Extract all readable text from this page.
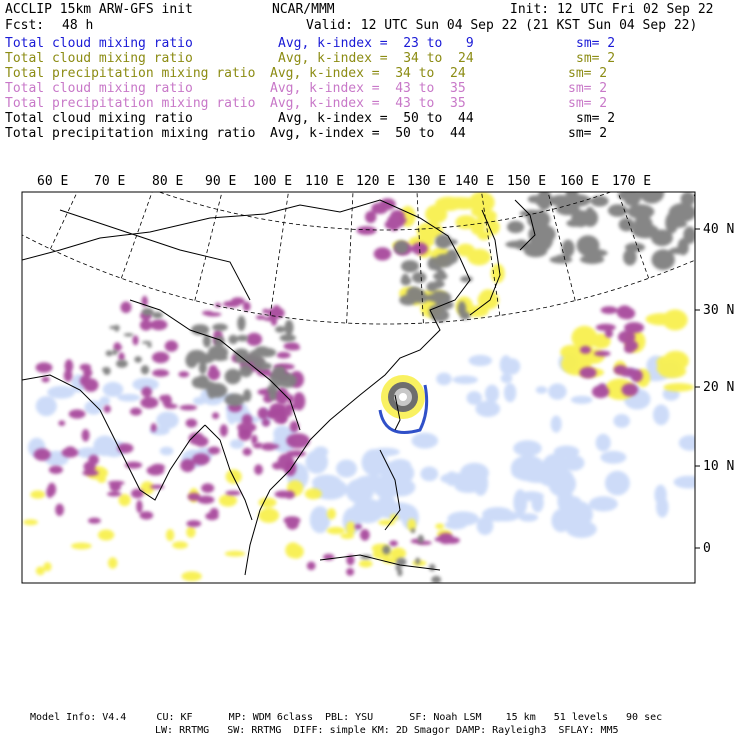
ACCLIP 15km ARW-GFS init	NCAR/MMM	Init: 12 UTC Fri 02 Sep 22
Fcst: 48 h	Valid: 12 UTC Sun 04 Sep 22 (21 KST Sun 04 Sep 22)
Total cloud mixing ratio	Avg, k-index =  23 to   9	sm= 2
Total cloud mixing ratio	Avg, k-index =  34 to  24	sm= 2
Total precipitation mixing ratio Avg, k-index =  34 to  24	sm= 2
Total cloud mixing ratio	Avg, k-index =  43 to  35	sm= 2
Total precipitation mixing ratio Avg, k-index =  43 to  35	sm= 2
Total cloud mixing ratio	Avg, k-index =  50 to  44	sm= 2
Total precipitation mixing ratio Avg, k-index =  50 to  44	sm= 2
60 E 70 E 80 E 90 E 100 E 110 E 120 E 130 E 140 E 150 E 160 E 170 E
40 N
30 N
20 N
10 N
0
Model Info: V4.4     CU: KF      MP: WDM 6class  PBL: YSU      SF: Noah LSM    15 km   51 levels   90 sec
LW: RRTMG   SW: RRTMG  DIFF: simple KM: 2D Smagor DAMP: Rayleigh3  SFLAY: MM5
